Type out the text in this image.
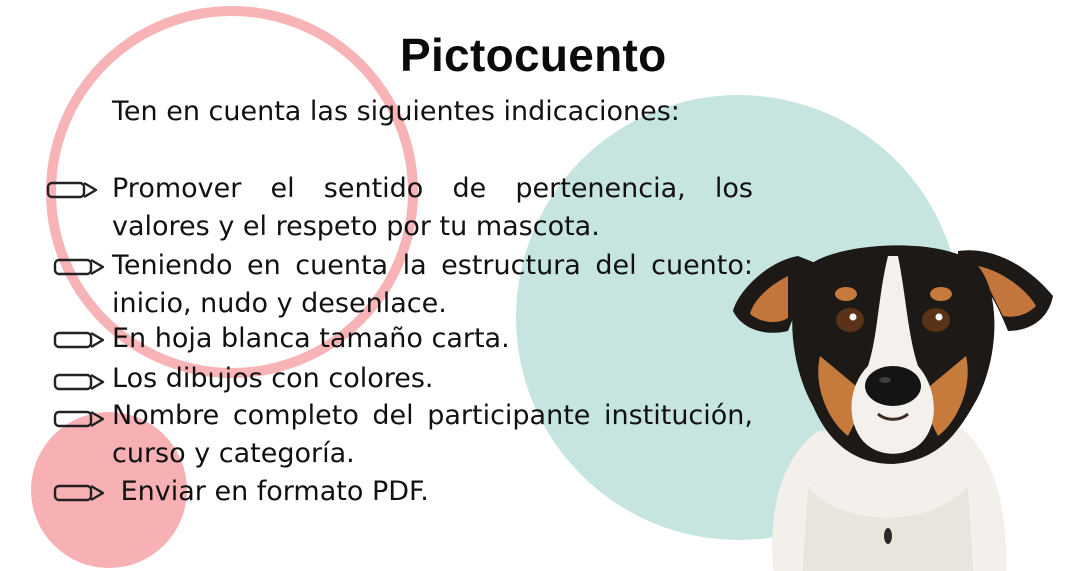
Pictocuento

Ten en cuenta las siguientes indicaciones:

Promover el sentido de pertenencia, los valores y el respeto por tu mascota.
Teniendo en cuenta la estructura del cuento: inicio, nudo y desenlace.
En hoja blanca tamaño carta.
Los dibujos con colores.
Nombre completo del participante institución, curso y categoría.
Enviar en formato PDF.
